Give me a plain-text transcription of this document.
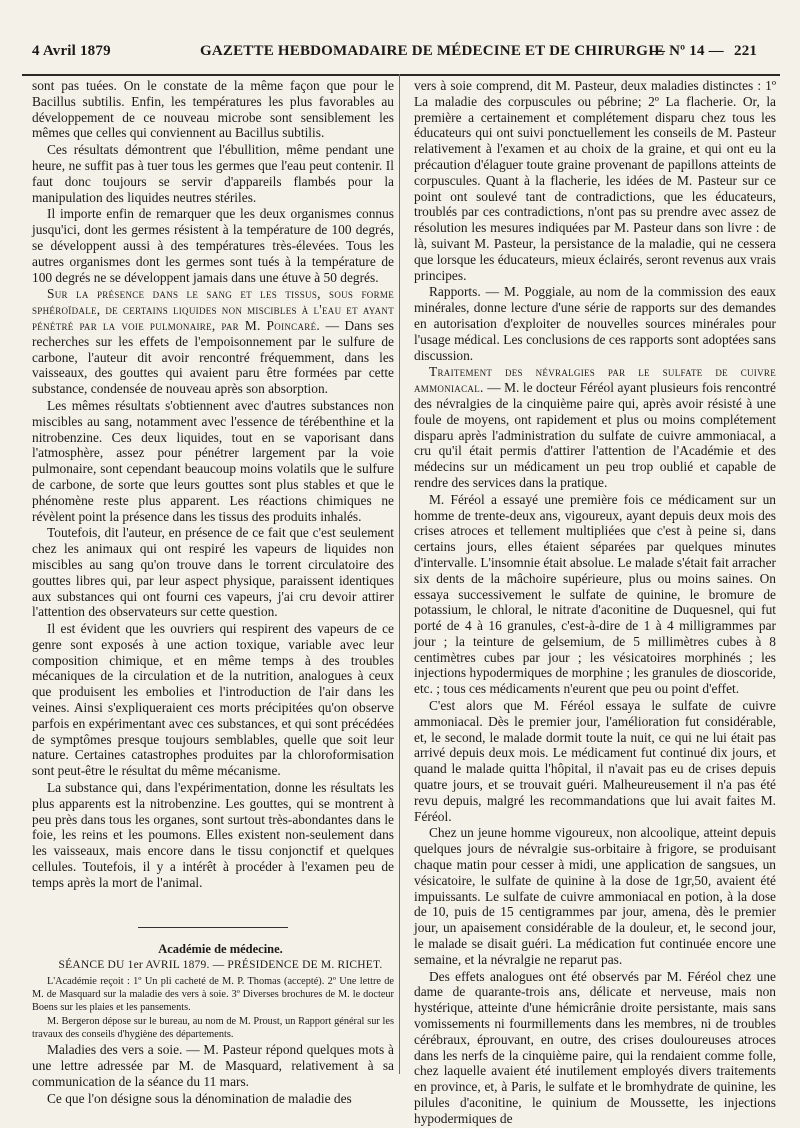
4 Avril 1879	GAZETTE HEBDOMADAIRE DE MÉDECINE ET DE CHIRURGIE
— Nº 14 — 221

sont pas tuées. On le constate de la même façon que pour le Bacillus subtilis. Enfin, les températures les plus favorables au développement de ce nouveau microbe sont sensiblement les mêmes que celles qui conviennent au Bacillus subtilis.

Ces résultats démontrent que l'ébullition, même pendant une heure, ne suffit pas à tuer tous les germes que l'eau peut contenir. Il faut donc toujours se servir d'appareils flambés pour la manipulation des liquides neutres stériles.

Il importe enfin de remarquer que les deux organismes connus jusqu'ici, dont les germes résistent à la température de 100 degrés, se développent aussi à des températures très-élevées. Tous les autres organismes dont les germes sont tués à la température de 100 degrés ne se développent jamais dans une étuve à 50 degrés.

Sur la présence dans le sang et les tissus, sous forme sphéroïdale, de certains liquides non miscibles à l'eau et ayant pénétré par la voie pulmonaire, par M. Poincaré. — Dans ses recherches sur les effets de l'empoisonnement par le sulfure de carbone, l'auteur dit avoir rencontré fréquemment, dans les vaisseaux, des gouttes qui avaient paru être formées par cette substance, condensée de nouveau après son absorption.

Les mêmes résultats s'obtiennent avec d'autres substances non miscibles au sang, notamment avec l'essence de térébenthine et la nitrobenzine. Ces deux liquides, tout en se vaporisant dans l'atmosphère, assez pour pénétrer largement par la voie pulmonaire, sont cependant beaucoup moins volatils que le sulfure de carbone, de sorte que leurs gouttes sont plus stables et que le phénomène reste plus apparent. Les réactions chimiques ne révèlent point la présence dans les tissus des produits inhalés.

Toutefois, dit l'auteur, en présence de ce fait que c'est seulement chez les animaux qui ont respiré les vapeurs de liquides non miscibles au sang qu'on trouve dans le torrent circulatoire des gouttes libres qui, par leur aspect physique, paraissent identiques aux substances qui ont fourni ces vapeurs, j'ai cru devoir attirer l'attention des observateurs sur cette question.

Il est évident que les ouvriers qui respirent des vapeurs de ce genre sont exposés à une action toxique, variable avec leur composition chimique, et en même temps à des troubles mécaniques de la circulation et de la nutrition, analogues à ceux que produisent les embolies et l'introduction de l'air dans les veines. Ainsi s'expliqueraient ces morts précipitées qu'on observe parfois en expérimentant avec ces substances, et qui sont précédées de symptômes presque toujours semblables, quelle que soit leur nature. Certaines catastrophes produites par la chloroformisation sont peut-être le résultat du même mécanisme.

La substance qui, dans l'expérimentation, donne les résultats les plus apparents est la nitrobenzine. Les gouttes, qui se montrent à peu près dans tous les organes, sont surtout très-abondantes dans le foie, les reins et les poumons. Elles existent non-seulement dans les vaisseaux, mais encore dans le tissu conjonctif et quelques cellules. Toutefois, il y a intérêt à procéder à l'examen peu de temps après la mort de l'animal.

Académie de médecine.

SÉANCE DU 1er AVRIL 1879. — PRÉSIDENCE DE M. RICHET.

L'Académie reçoit : 1º Un pli cacheté de M. P. Thomas (accepté). 2º Une lettre de M. de Masquard sur la maladie des vers à soie. 3º Diverses brochures de M. le docteur Boens sur les plaies et les pansements.

M. Bergeron dépose sur le bureau, au nom de M. Proust, un Rapport général sur les travaux des conseils d'hygiène des départements.

Maladies des vers a soie. — M. Pasteur répond quelques mots à une lettre adressée par M. de Masquard, relativement à sa communication de la séance du 11 mars.

Ce que l'on désigne sous la dénomination de maladie des

vers à soie comprend, dit M. Pasteur, deux maladies distinctes : 1º La maladie des corpuscules ou pébrine; 2º La flacherie. Or, la première a certainement et complétement disparu chez tous les éducateurs qui ont suivi ponctuellement les conseils de M. Pasteur relativement à l'examen et au choix de la graine, et qui ont eu la précaution d'élaguer toute graine provenant de papillons atteints de corpuscules. Quant à la flacherie, les idées de M. Pasteur sur ce point ont soulevé tant de contradictions, que les éducateurs, troublés par ces contradictions, n'ont pas su prendre avec assez de résolution les mesures indiquées par M. Pasteur dans son livre : de là, suivant M. Pasteur, la persistance de la maladie, qui ne cessera que lorsque les éducateurs, mieux éclairés, seront revenus aux vrais principes.

Rapports. — M. Poggiale, au nom de la commission des eaux minérales, donne lecture d'une série de rapports sur des demandes en autorisation d'exploiter de nouvelles sources minérales pour l'usage médical. Les conclusions de ces rapports sont adoptées sans discussion.

Traitement des névralgies par le sulfate de cuivre ammoniacal. — M. le docteur Féréol ayant plusieurs fois rencontré des névralgies de la cinquième paire qui, après avoir résisté à une foule de moyens, ont rapidement et plus ou moins complétement disparu après l'administration du sulfate de cuivre ammoniacal, a cru qu'il était permis d'attirer l'attention de l'Académie et des médecins sur un médicament un peu trop oublié et capable de rendre des services dans la pratique.

M. Féréol a essayé une première fois ce médicament sur un homme de trente-deux ans, vigoureux, ayant depuis deux mois des crises atroces et tellement multipliées que c'est à peine si, dans certains jours, elles étaient séparées par quelques minutes d'intervalle. L'insomnie était absolue. Le malade s'était fait arracher six dents de la mâchoire supérieure, plus ou moins saines. On essaya successivement le sulfate de quinine, le bromure de potassium, le chloral, le nitrate d'aconitine de Duquesnel, qui fut porté de 4 à 16 granules, c'est-à-dire de 1 à 4 milligrammes par jour ; la teinture de gelsemium, de 5 millimètres cubes à 8 centimètres cubes par jour ; les vésicatoires morphinés ; les injections hypodermiques de morphine ; les granules de dioscoride, etc. ; tous ces médicaments n'eurent que peu ou point d'effet.

C'est alors que M. Féréol essaya le sulfate de cuivre ammoniacal. Dès le premier jour, l'amélioration fut considérable, et, le second, le malade dormit toute la nuit, ce qui ne lui était pas arrivé depuis deux mois. Le médicament fut continué dix jours, et quand le malade quitta l'hôpital, il n'avait pas eu de crises depuis quatre jours, et se trouvait guéri. Malheureusement il n'a pas été revu depuis, malgré les recommandations que lui avait faites M. Féréol.

Chez un jeune homme vigoureux, non alcoolique, atteint depuis quelques jours de névralgie sus-orbitaire à frigore, se produisant chaque matin pour cesser à midi, une application de sangsues, un vésicatoire, le sulfate de quinine à la dose de 1gr,50, avaient été impuissants. Le sulfate de cuivre ammoniacal en potion, à la dose de 10, puis de 15 centigrammes par jour, amena, dès le premier jour, un apaisement considérable de la douleur, et, le second jour, le malade se disait guéri. La médication fut continuée encore une semaine, et la névralgie ne reparut pas.

Des effets analogues ont été observés par M. Féréol chez une dame de quarante-trois ans, délicate et nerveuse, mais non hystérique, atteinte d'une hémicrânie droite persistante, mais sans vomissements ni fourmillements dans les membres, ni de troubles cérébraux, éprouvant, en outre, des crises douloureuses atroces dans les nerfs de la cinquième paire, qui la rendaient comme folle, chez laquelle avaient été inutilement employés divers traitements en province, et, à Paris, le sulfate et le bromhydrate de quinine, les pilules d'aconitine, le quinium de Moussette, les injections hypodermiques de
